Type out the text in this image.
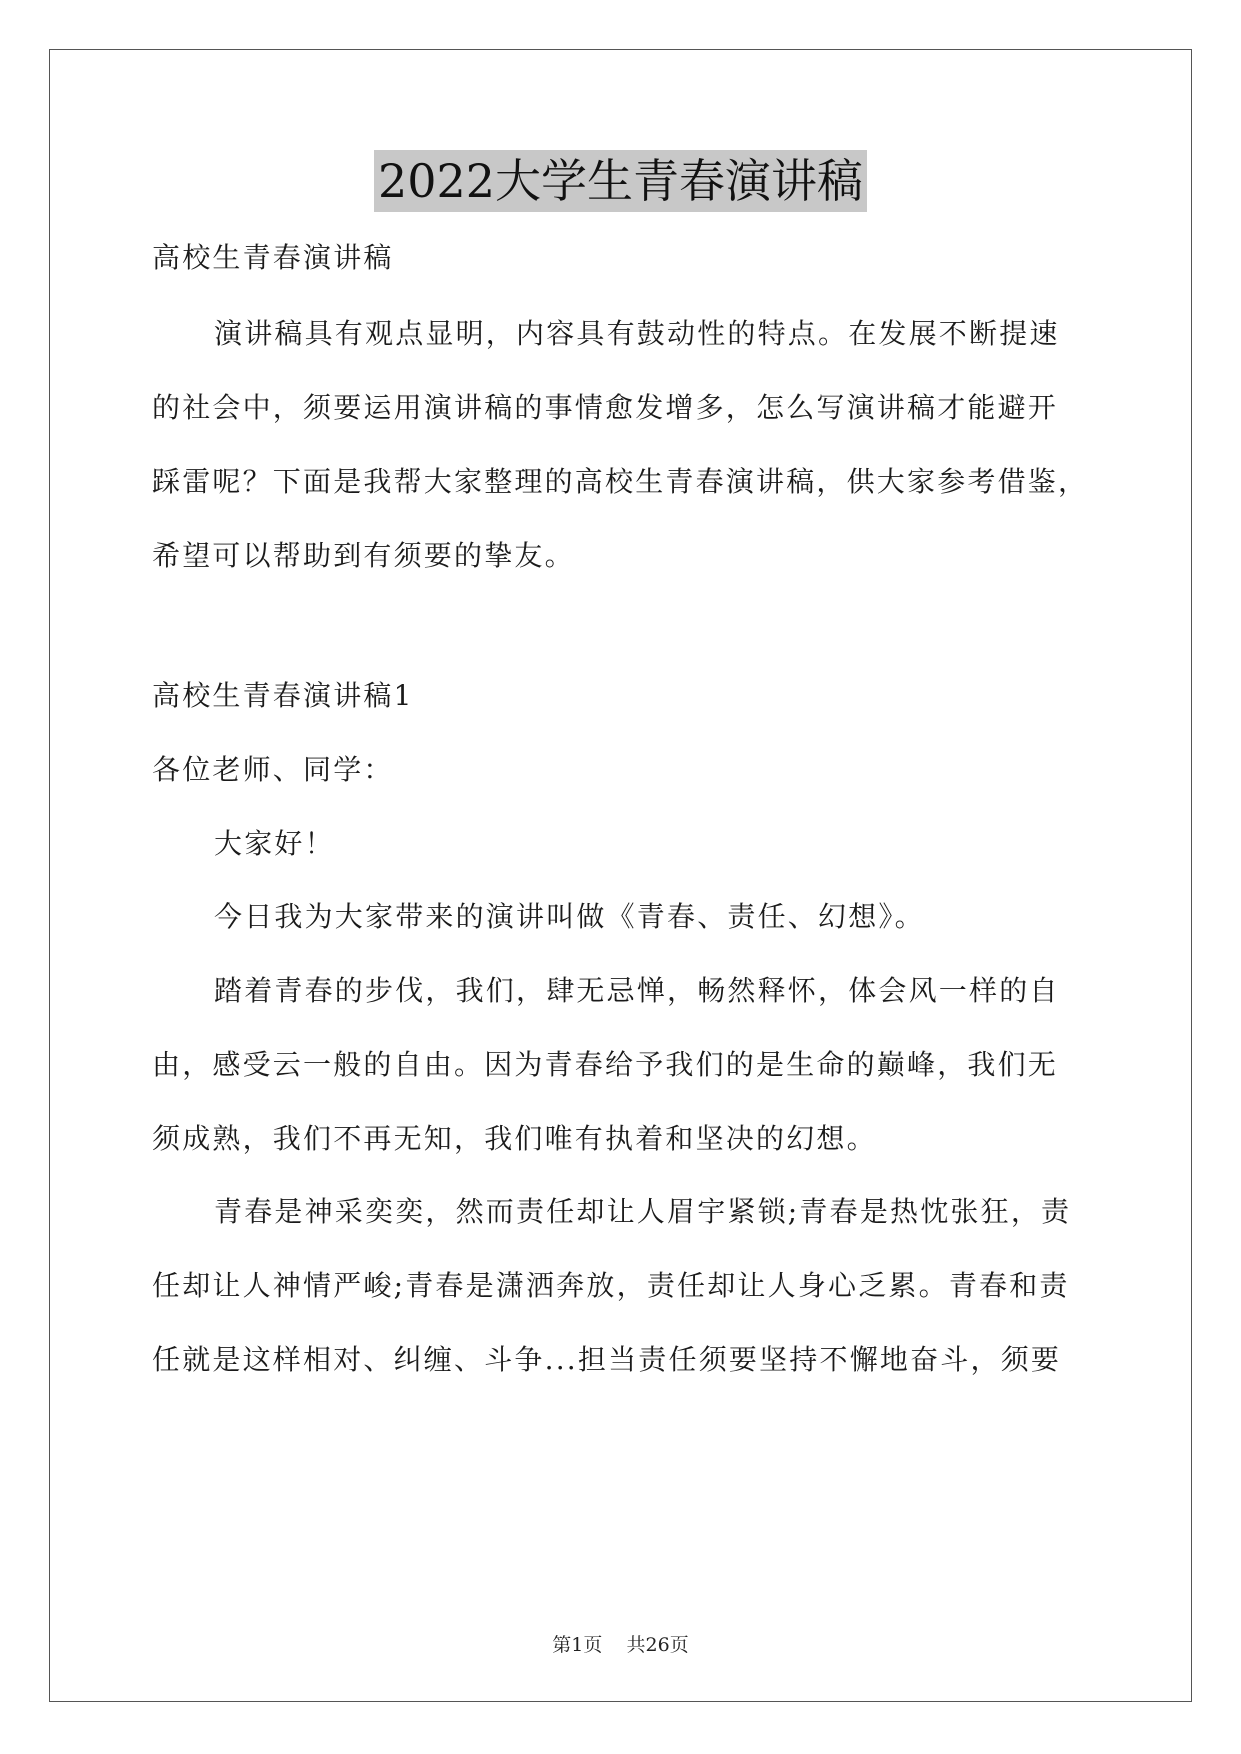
2022大学生青春演讲稿
高校生青春演讲稿
演讲稿具有观点显明，内容具有鼓动性的特点。在发展不断提速
的社会中，须要运用演讲稿的事情愈发增多，怎么写演讲稿才能避开
踩雷呢？下面是我帮大家整理的高校生青春演讲稿，供大家参考借鉴，
希望可以帮助到有须要的挚友。
高校生青春演讲稿1
各位老师、同学：
大家好！
今日我为大家带来的演讲叫做《青春、责任、幻想》。
踏着青春的步伐，我们，肆无忌惮，畅然释怀，体会风一样的自
由，感受云一般的自由。因为青春给予我们的是生命的巅峰，我们无
须成熟，我们不再无知，我们唯有执着和坚决的幻想。
青春是神采奕奕，然而责任却让人眉宇紧锁;青春是热忱张狂，责
任却让人神情严峻;青春是潇洒奔放，责任却让人身心乏累。青春和责
任就是这样相对、纠缠、斗争...担当责任须要坚持不懈地奋斗，须要
第1页 共26页
